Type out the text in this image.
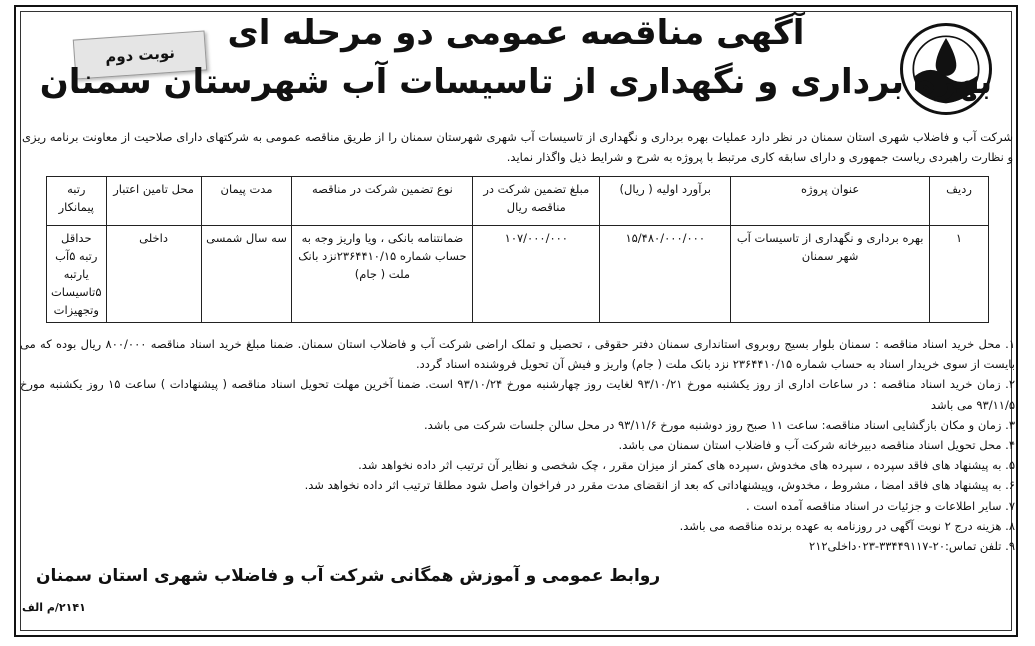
نوبت دوم
آگهی مناقصه عمومی دو مرحله ای
بهره برداری و نگهداری از تاسیسات آب شهرستان سمنان
شرکت آب و فاضلاب شهری استان سمنان در نظر دارد عملیات بهره برداری و نگهداری از تاسیسات آب شهری شهرستان سمنان را از طریق مناقصه عمومی به شرکتهای دارای صلاحیت از معاونت برنامه ریزی و نظارت راهبردی ریاست جمهوری و دارای سابقه کاری مرتبط با پروژه به شرح و شرایط ذیل واگذار نماید.
ردیف	عنوان پروژه	برآورد اولیه ( ریال)	مبلغ تضمین شرکت در مناقصه ریال	نوع تضمین شرکت در مناقصه	مدت پیمان	محل تامین اعتبار	رتبه پیمانکار
۱	بهره برداری و نگهداری از تاسیسات آب شهر سمنان	۱۵/۴۸۰/۰۰۰/۰۰۰	۱۰۷/۰۰۰/۰۰۰	ضمانتنامه بانکی ، ویا واریز وجه به حساب شماره ۲۳۶۴۴۱۰/۱۵نزد بانک ملت ( جام)	سه سال شمسی	داخلی	حداقل رتبه ۵آب یارتبه ۵تاسیسات وتجهیزات
۱. محل خرید اسناد مناقصه : سمنان بلوار بسیج روبروی استانداری سمنان دفتر حقوقی ، تحصیل و تملک اراضی شرکت آب و فاضلاب استان سمنان. ضمنا مبلغ خرید اسناد مناقصه ۸۰۰/۰۰۰ ریال بوده که می بایست از سوی خریدار اسناد به حساب شماره ۲۳۶۴۴۱۰/۱۵ نزد بانک ملت ( جام) واریز و فیش آن تحویل فروشنده اسناد گردد.
۲. زمان خرید اسناد مناقصه : در ساعات اداری از روز یکشنبه مورخ ۹۳/۱۰/۲۱ لغایت روز چهارشنبه مورخ ۹۳/۱۰/۲۴ است. ضمنا آخرین مهلت تحویل اسناد مناقصه ( پیشنهادات ) ساعت ۱۵ روز یکشنبه مورخ ۹۳/۱۱/۵ می باشد
۳. زمان و مکان بازگشایی اسناد مناقصه: ساعت ۱۱ صبح روز دوشنبه مورخ ۹۳/۱۱/۶ در محل سالن جلسات شرکت می باشد.
۴. محل تحویل اسناد مناقصه دبیرخانه شرکت آب و فاضلاب استان سمنان می باشد.
۵. به پیشنهاد های فاقد سپرده ، سپرده های مخدوش ،سپرده های کمتر از میزان مقرر ، چک شخصی و نظایر آن ترتیب اثر داده نخواهد شد.
۶. به پیشنهاد های فاقد امضا ، مشروط ، مخدوش، وپیشنهاداتی که بعد از انقضای مدت مقرر در فراخوان واصل شود مطلقا ترتیب اثر داده نخواهد شد.
۷. سایر اطلاعات و جزئیات در اسناد مناقصه آمده است .
۸. هزینه درج ۲ نوبت آگهی در روزنامه به عهده برنده مناقصه می باشد.
۹. تلفن تماس:۲۰-۳۳۴۴۹۱۱۷-۰۲۳داخلی۲۱۲
روابط عمومی و آموزش همگانی شرکت آب و فاضلاب شهری استان سمنان
۲۱۴۱/م الف
